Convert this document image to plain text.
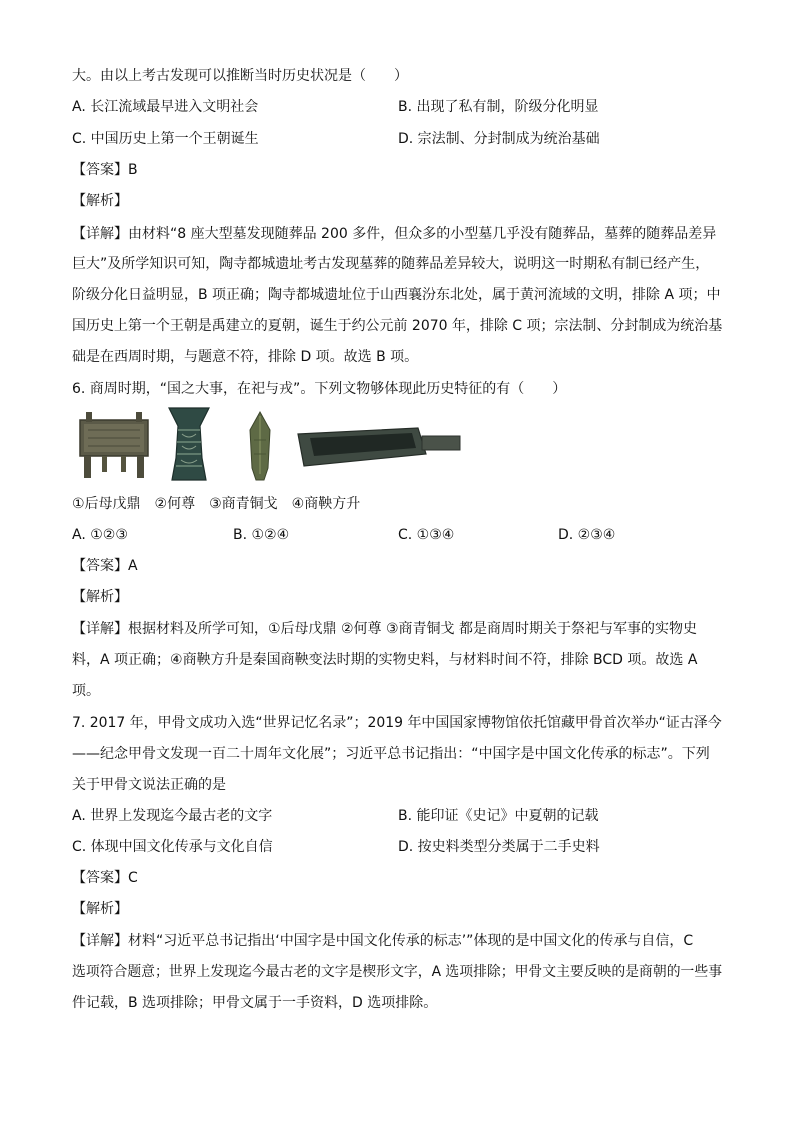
大。由以上考古发现可以推断当时历史状况是（　　）
A. 长江流域最早进入文明社会	B. 出现了私有制，阶级分化明显
C. 中国历史上第一个王朝诞生	D. 宗法制、分封制成为统治基础
【答案】B
【解析】
【详解】由材料“8 座大型墓发现随葬品 200 多件，但众多的小型墓几乎没有随葬品，墓葬的随葬品差异
巨大”及所学知识可知，陶寺都城遗址考古发现墓葬的随葬品差异较大，说明这一时期私有制已经产生，
阶级分化日益明显，B 项正确；陶寺都城遗址位于山西襄汾东北处，属于黄河流域的文明，排除 A 项；中
国历史上第一个王朝是禹建立的夏朝，诞生于约公元前 2070 年，排除 C 项；宗法制、分封制成为统治基
础是在西周时期，与题意不符，排除 D 项。故选 B 项。
6. 商周时期，“国之大事，在祀与戎”。下列文物够体现此历史特征的有（　　）
①后母戊鼎　②何尊　③商青铜戈　④商鞅方升
A. ①②③	B. ①②④	C. ①③④	D. ②③④
【答案】A
【解析】
【详解】根据材料及所学可知，①后母戊鼎 ②何尊 ③商青铜戈 都是商周时期关于祭祀与军事的实物史
料，A 项正确；④商鞅方升是秦国商鞅变法时期的实物史料，与材料时间不符，排除 BCD 项。故选 A
项。
7. 2017 年，甲骨文成功入选“世界记忆名录”；2019 年中国国家博物馆依托馆藏甲骨首次举办“证古泽今
——纪念甲骨文发现一百二十周年文化展”；习近平总书记指出：“中国字是中国文化传承的标志”。下列
关于甲骨文说法正确的是
A. 世界上发现迄今最古老的文字	B. 能印证《史记》中夏朝的记载
C. 体现中国文化传承与文化自信	D. 按史料类型分类属于二手史料
【答案】C
【解析】
【详解】材料“习近平总书记指出‘中国字是中国文化传承的标志’”体现的是中国文化的传承与自信，C
选项符合题意；世界上发现迄今最古老的文字是楔形文字，A 选项排除；甲骨文主要反映的是商朝的一些事
件记载，B 选项排除；甲骨文属于一手资料，D 选项排除。
